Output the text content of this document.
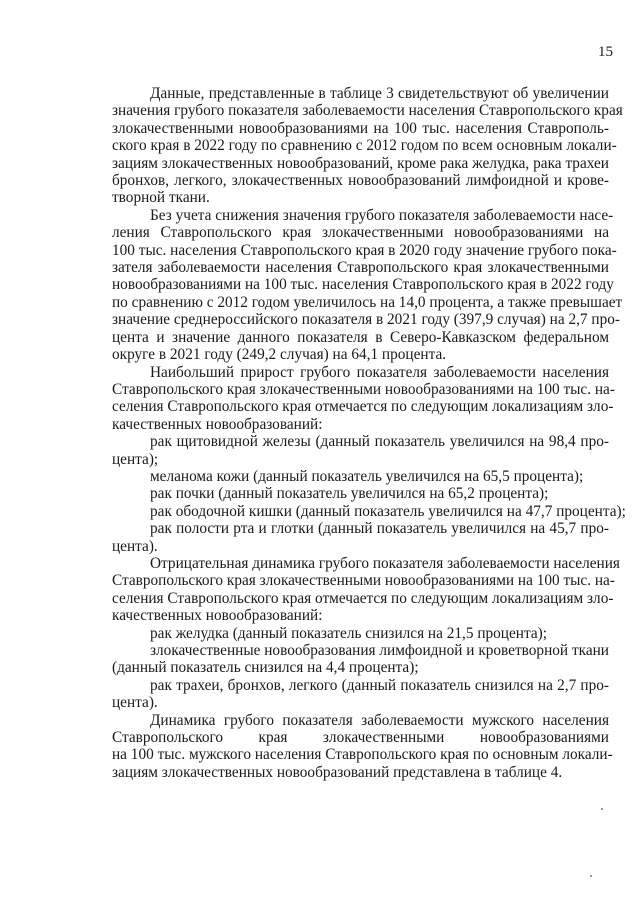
15
Данные, представленные в таблице 3 свидетельствуют об увеличении
значения грубого показателя заболеваемости населения Ставропольского края
злокачественными новообразованиями на 100 тыс. населения Ставрополь-
ского края в 2022 году по сравнению с 2012 годом по всем основным локали-
зациям злокачественных новообразований, кроме рака желудка, рака трахеи
бронхов, легкого, злокачественных новообразований лимфоидной и крове-
творной ткани.
Без учета снижения значения грубого показателя заболеваемости насе-
ления Ставропольского края злокачественными новообразованиями на
100 тыс. населения Ставропольского края в 2020 году значение грубого пока-
зателя заболеваемости населения Ставропольского края злокачественными
новообразованиями на 100 тыс. населения Ставропольского края в 2022 году
по сравнению с 2012 годом увеличилось на 14,0 процента, а также превышает
значение среднероссийского показателя в 2021 году (397,9 случая) на 2,7 про-
цента и значение данного показателя в Северо-Кавказском федеральном
округе в 2021 году (249,2 случая) на 64,1 процента.
Наибольший прирост грубого показателя заболеваемости населения
Ставропольского края злокачественными новообразованиями на 100 тыс. на-
селения Ставропольского края отмечается по следующим локализациям зло-
качественных новообразований:
рак щитовидной железы (данный показатель увеличился на 98,4 про-
цента);
меланома кожи (данный показатель увеличился на 65,5 процента);
рак почки (данный показатель увеличился на 65,2 процента);
рак ободочной кишки (данный показатель увеличился на 47,7 процента);
рак полости рта и глотки (данный показатель увеличился на 45,7 про-
цента).
Отрицательная динамика грубого показателя заболеваемости населения
Ставропольского края злокачественными новообразованиями на 100 тыс. на-
селения Ставропольского края отмечается по следующим локализациям зло-
качественных новообразований:
рак желудка (данный показатель снизился на 21,5 процента);
злокачественные новообразования лимфоидной и кроветворной ткани
(данный показатель снизился на 4,4 процента);
рак трахеи, бронхов, легкого (данный показатель снизился на 2,7 про-
цента).
Динамика грубого показателя заболеваемости мужского населения
Ставропольского края злокачественными новообразованиями
на 100 тыс. мужского населения Ставропольского края по основным локали-
зациям злокачественных новообразований представлена в таблице 4.
